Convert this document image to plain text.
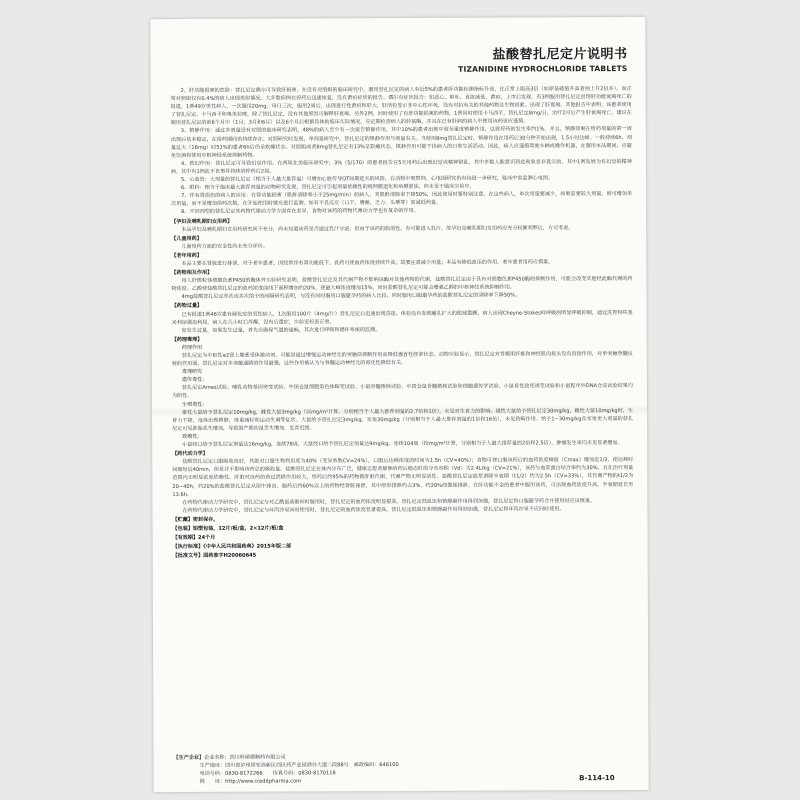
盐酸替扎尼定片说明书
TIZANIDINE HYDROCHLORIDE TABLETS

2、肝功能损害的危险：替扎尼定偶尔可导致肝损害。在设有对照组的临床研究中，服用替扎尼定的病人有近5%的患者肝功能检测指标升高，比正常上限高3倍（如原基础值升高者则上升2倍多）。而正常对照组仅有0.4%的病人出现类似情况。大多数病例在停药后迅速恢复，没有黄疸症状的报告。偶尔有症状报告：如恶心、呕吐、食欲减低、黄疸，上市后发现，有3例服用替扎尼定出现肝功能衰竭死亡的报道，1例49岁男性病人，一次服用20mg，每日三次，服用2周后，出现进行性黄疸和肝大，肝活检显示非中心性坏死，没有对抗有关的其他药物及生物因素。出现了肝衰竭。其他报告中表明，该患者使用了替扎尼定、卡马西平和奥美拉唑，除了替扎尼定，没有其他原因可解释肝衰竭。另外2例，同时使用了有肝功能损害的药物，1例同时使用卡马西平，替扎尼定8mg/日，治疗2月后产生肝衰竭死亡。建议在服用替扎尼定的前6个月中（1月，3月和6月）以及6个月后根据具体的临床实际情况，应定期检查病人的转氨酶，并且在已有肝病的病人中使用该药更应谨慎。

3、镇静作用：通过多剂量设有对照的临床研究表明，48%的病人至少有一次报告镇静作用，其中10%的患者出现中度至重度镇静作用，以致停药的发生率约1%。并且，镇静效果在给药剂量的第一周出现后基本稳定，在给药期间仍持续存在。对照研究时发现，单剂量研究中，替扎尼定的镇静作用与剂量有关。当使用8mg替扎尼定时，镇静作用在用药后30分钟开始出现，1.5小时达峰。一般持续6h。剂量过大（16mg）时51%的患者6h后仍呈软瘫状态。对照组成者8mg替扎尼定有13%呈软瘫状态。镇静作用可能干扰病人的日常生活活动。因此，病人应谨慎驾驶车辆或操作机器，在服用本品期间，应避免饮酒和使用中枢神经系统抑制药物。

4、致幻作用：替扎尼定可导致幻觉作用。在两项北美临床研究中，3%（5/170）的患者报告在5天用药后出现幻觉或精神错乱，其中多数人能意识到此现象是非真实的。其中1例发展为有幻觉的精神病，其中有1例此不良事件持续到停药后2周。

5、心血管：大剂量的替扎尼定（相当于人最大推荐量）可增加心脏传导QT间期延长的风险，在动物中观察到，心电图研究仍有待进一步研究，临床中需监测心电图。

6、眼科：相当于临床最大推荐剂量的动物研究发现，替扎尼定可引起剂量依赖性的视网膜退化和角膜混浊，但未见于临床实验中。

7、伴有肾损伤的病人的应用：在肾功能损害（肌酐清除率小于25mg/min）的病人，其肌酐清除率下降50%，因此使用时要特别注意。在这些病人，单次用量要减少，如果需要较大剂量，则可增加单次用量，而不是增加给药次数，在开始使用时就应进行监测，如有不良反应（口干、嗜睡、乏力、头晕等）需减低药量。

8、不同剂型的替扎尼定其药物代谢动力学方面存在差异，食物对该药的药物代谢动力学也有复杂的作用。

【孕妇及哺乳期妇女用药】

本品孕妇及哺乳期妇女用药研究尚不充分，尚未知道该药是否通过乳汁分泌，但由于该药的脂溶性，有可能进入乳汁，故孕妇及哺乳期妇女用药应充分权衡利弊后，方可考虑。

【儿童用药】

儿童用药方面的安全性尚未充分评价。

【老年用药】

本品主要在肾脏进行排泄，对于老年患者，因经常伴有肾功能低下，此药可使血药浓度持续升高，故要注意减少用量；本品有降低血压的作用，老年患者用药应慎重。

【药物相互作用】

用人肝微粒体细胞色素P450的酶体外实验研究表明，盐酸替扎尼定及其代谢产物不影响该酶对其他药物的代谢，盐酸替扎尼定由于具有对细胞色素P450酶的抑制作用，可能会改变其他经此酶代谢的药物浓度。乙醇使盐酸替扎尼定的血药浓度曲线下面积增加约20%，使最大峰浓度增加15%，同时盐酸替扎尼定可能会增强乙醇的中枢神经系统抑制作用。

4mg盐酸替扎尼定单次或多次给予的间隔研究表明，与没有同时服用口服避孕药的病人比较，同时服用口服避孕药的盐酸替扎尼定的清除率下降50%。

【药物过量】

已有报道1例46岁患有硬化症的男性病人，1次服用100片（4mg/片）替扎尼定后迅速出现昏迷。体检没有发现瞳孔扩大的眼球震颤，病人出现Cheyne-Stokes样呼吸的明显呼吸抑制，通过洗胃和呋塞米利尿强迫利尿，病人在几小时后苏醒，没有后遗症，实验室检查正常。

如发生过量，如果发生过量，首先应确保气道的通畅，其次进行呼吸和循环系统的监测。

【药理毒理】

药理作用

替扎尼定为中枢性α2肾上腺素受体激动剂，可能是通过增强运动神经元的突触前抑制作用而降低强直性痉挛状态。动物实验显示，替扎尼定对骨骼肌纤维和神经肌肉接头没有直接作用，对单突触脊髓反射的作用弱，替扎尼定对多突触通路的作用最强，这些作用被认为与脊髓运动神经元的易化性降低有关。

毒理研究

遗传毒性：

替扎尼定Ames试验、哺乳动物基因突变试验、中国仓鼠细胞染色体畸变试验、小鼠骨髓微核试验、中国仓鼠骨髓微核试验和细胞遗传学试验、小鼠显性致死诱变试验和小鼠程序外DNA合成试验结果均为阴性。

生殖毒性：

雄性大鼠给予替扎尼定10mg/kg，雌性大鼠3mg/kg（以mg/m²计算，分别相当于人最大推荐剂量的2.7倍和1倍），未见对生育力的影响。雄性大鼠给予替扎尼定30mg/kg，雌性大鼠10mg/kg时，生育力下降，母体出现镇静，体重减轻和运动失调等征状。大鼠给予替扎尼定3mg/kg，家兔30mg/kg（分别相当于人最大推荐剂量的1倍和16倍），未见致畸作用。给予1~30mg/kg及家兔更大剂量的替扎尼定可见胚胎丢失增加，导致围产期幼鼠丢失增加，发育迟缓。

致癌性：

小鼠经口给予替扎尼定剂量达16mg/kg，连续78周，大鼠经口给予替扎尼定剂量达9mg/kg，连续104周（按mg/m²计算，分别相当于人最大推荐量的2倍和2.5倍），肿瘤发生率均未见显著增加。

【药代动力学】

盐酸替扎尼定口服吸收良好，其绝对口服生物利用度为40%（变异系数CV=24%），口服后达峰浓度的时间为1.5h（CV=40%）；食物可使口服该药后的血药浓度峰值（Cmax）增加近1/3，使达峰时间缩短近40min，但是并不影响该药总的吸收量。盐酸替扎尼定在体内分布广泛，健康志愿者静脉给药后稳态时的分布容积（Vd）为2.4L/kg（CV=21%），该药与血浆蛋白结合率约为30%，且在治疗剂量范围内无明显浓度依赖性。肝脏对该药的首过消除作用较大，给药后约95%的药物被肝脏代谢，代谢产物无明显活性。盐酸替扎尼定血浆消除半衰期（t1/2）约为2.5h（CV=33%），其代谢产物的t1/2为20~40h，约20%的盐酸替扎尼定从尿中排出，服药后约60%以上的药物经肾脏排泄，其中原形排泄约占3%，约20%经粪便排泄。在肝功能不全的患者中服用该药，可出现血药浓度升高，半衰期延长至13.6h。

在药物代谢动力学研究中，替扎尼定与对乙酰氨基酚同时服用时，替扎尼定的血药浓度明显提高，替扎尼定低血压和镇静副作用得到加强，替扎尼定和口服避孕药合并使用时应该慎重。

在药物代谢动力学研究中，替扎尼定与环丙沙星同时使用时，替扎尼定的血药浓度显著提高，替扎尼定低血压和镇静副作用得到加强，替扎尼定和环丙沙星不应同时使用。

【贮藏】密封保存。

【包装】铝塑包装，12片/板/盒，2×12片/板/盒

【有效期】24个月

【执行标准】《中华人民共和国药典》2015年版二部

【批准文号】国药准字H20060645

【生产企业】企业名称：四川科瑞德制药有限公司
生产地址：四川省泸州国家高新区西区药产业园酒谷大道二段88号　 邮政编码：646100
电话号码：0830-8172266　　 传真号码：0830-8170118
网　　址：http://www.creditpharma.com	B-114-10
